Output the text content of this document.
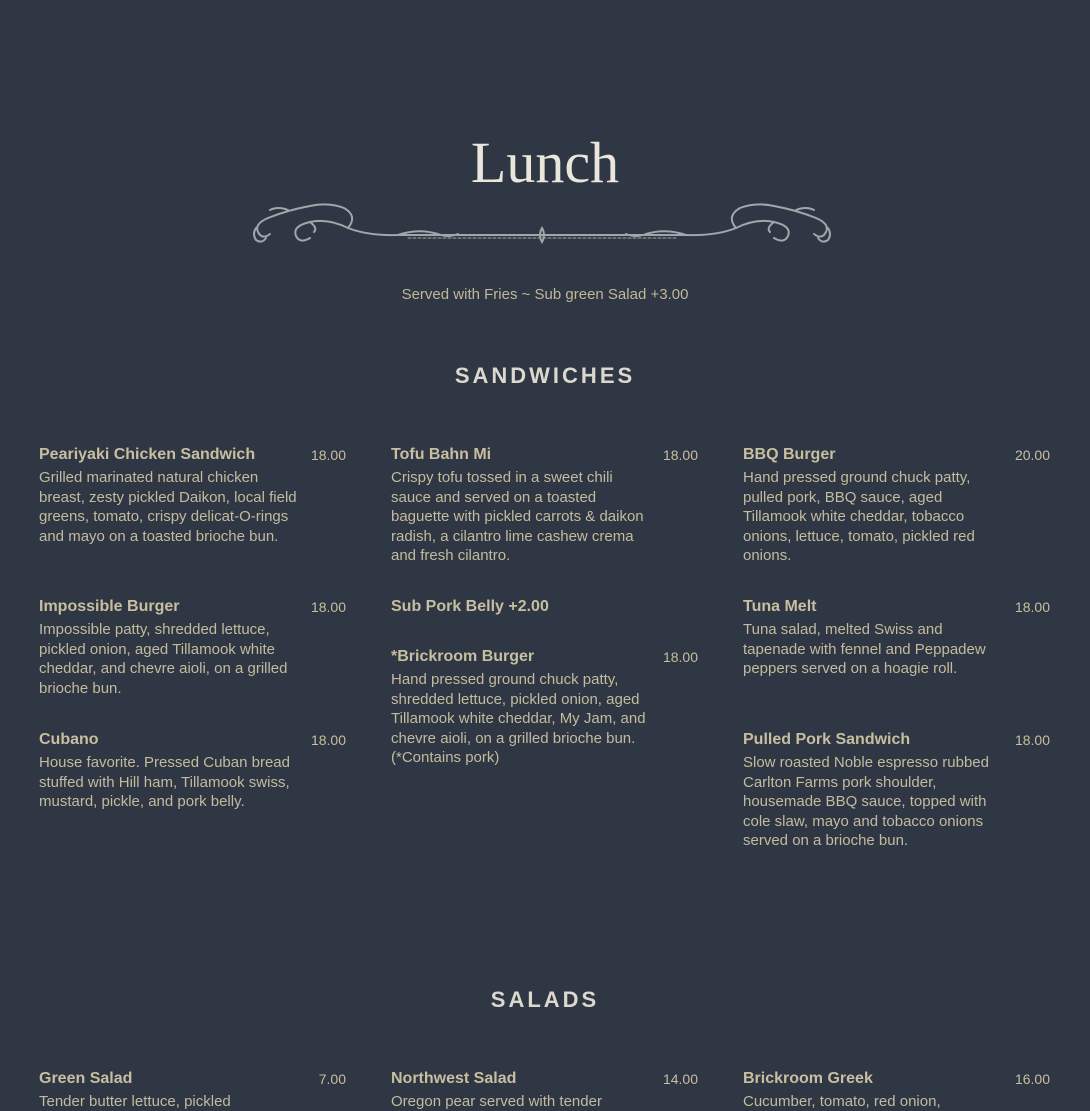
Lunch
Served with Fries ~ Sub green Salad +3.00
SANDWICHES
Peariyaki Chicken Sandwich	18.00
Grilled marinated natural chicken breast, zesty pickled Daikon, local field greens, tomato, crispy delicat-O-rings and mayo on a toasted brioche bun.
Impossible Burger	18.00
Impossible patty, shredded lettuce, pickled onion, aged Tillamook white cheddar, and chevre aioli, on a grilled brioche bun.
Cubano	18.00
House favorite. Pressed Cuban bread stuffed with Hill ham, Tillamook swiss, mustard, pickle, and pork belly.
Tofu Bahn Mi	18.00
Crispy tofu tossed in a sweet chili sauce and served on a toasted baguette with pickled carrots & daikon radish, a cilantro lime cashew crema and fresh cilantro.
Sub Pork Belly +2.00
*Brickroom Burger	18.00
Hand pressed ground chuck patty, shredded lettuce, pickled onion, aged Tillamook white cheddar, My Jam, and chevre aioli, on a grilled brioche bun. (*Contains pork)
BBQ Burger	20.00
Hand pressed ground chuck patty, pulled pork, BBQ sauce, aged Tillamook white cheddar, tobacco onions, lettuce, tomato, pickled red onions.
Tuna Melt	18.00
Tuna salad, melted Swiss and tapenade with fennel and Peppadew peppers served on a hoagie roll.
Pulled Pork Sandwich	18.00
Slow roasted Noble espresso rubbed Carlton Farms pork shoulder, housemade BBQ sauce, topped with cole slaw, mayo and tobacco onions served on a brioche bun.
SALADS
Green Salad	7.00
Tender butter lettuce, pickled
Northwest Salad	14.00
Oregon pear served with tender
Brickroom Greek	16.00
Cucumber, tomato, red onion,
